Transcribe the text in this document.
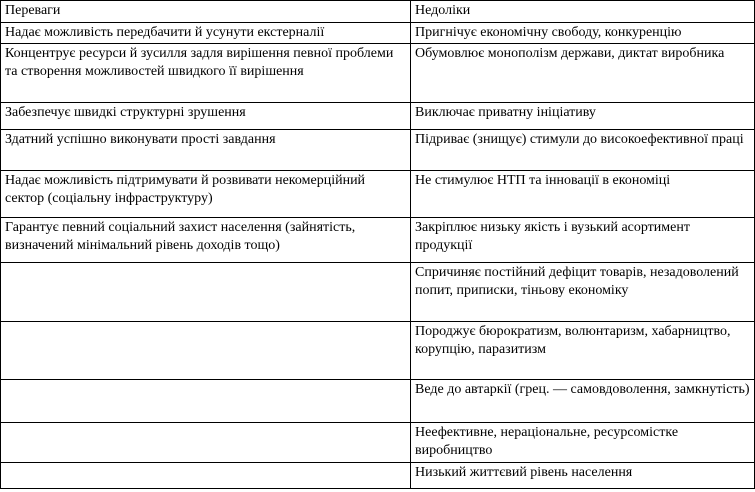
Переваги	Недоліки
Надає можливість передбачити й усунути екстерналії	Пригнічує економічну свободу, конкуренцію
Концентрує ресурси й зусилля задля вирішення певної проблеми та створення можливостей швидкого її вирішення	Обумовлює монополізм держави, диктат виробника
Забезпечує швидкі структурні зрушення	Виключає приватну ініціативу
Здатний успішно виконувати прості завдання	Підриває (знищує) стимули до високоефективної праці
Надає можливість підтримувати й розвивати некомерційний сектор (соціальну інфраструктуру)	Не стимулює НТП та інновації в економіці
Гарантує певний соціальний захист населення (зайнятість, визначений мінімальний рівень доходів тощо)	Закріплює низьку якість і вузький асортимент продукції
	Спричиняє постійний дефіцит товарів, незадоволений попит, приписки, тіньову економіку
	Породжує бюрократизм, волюнтаризм, хабарництво, корупцію, паразитизм
	Веде до автаркії (грец. — самовдоволення, замкнутість)
	Неефективне, нераціональне, ресурсомістке виробництво
	Низький життєвий рівень населення
